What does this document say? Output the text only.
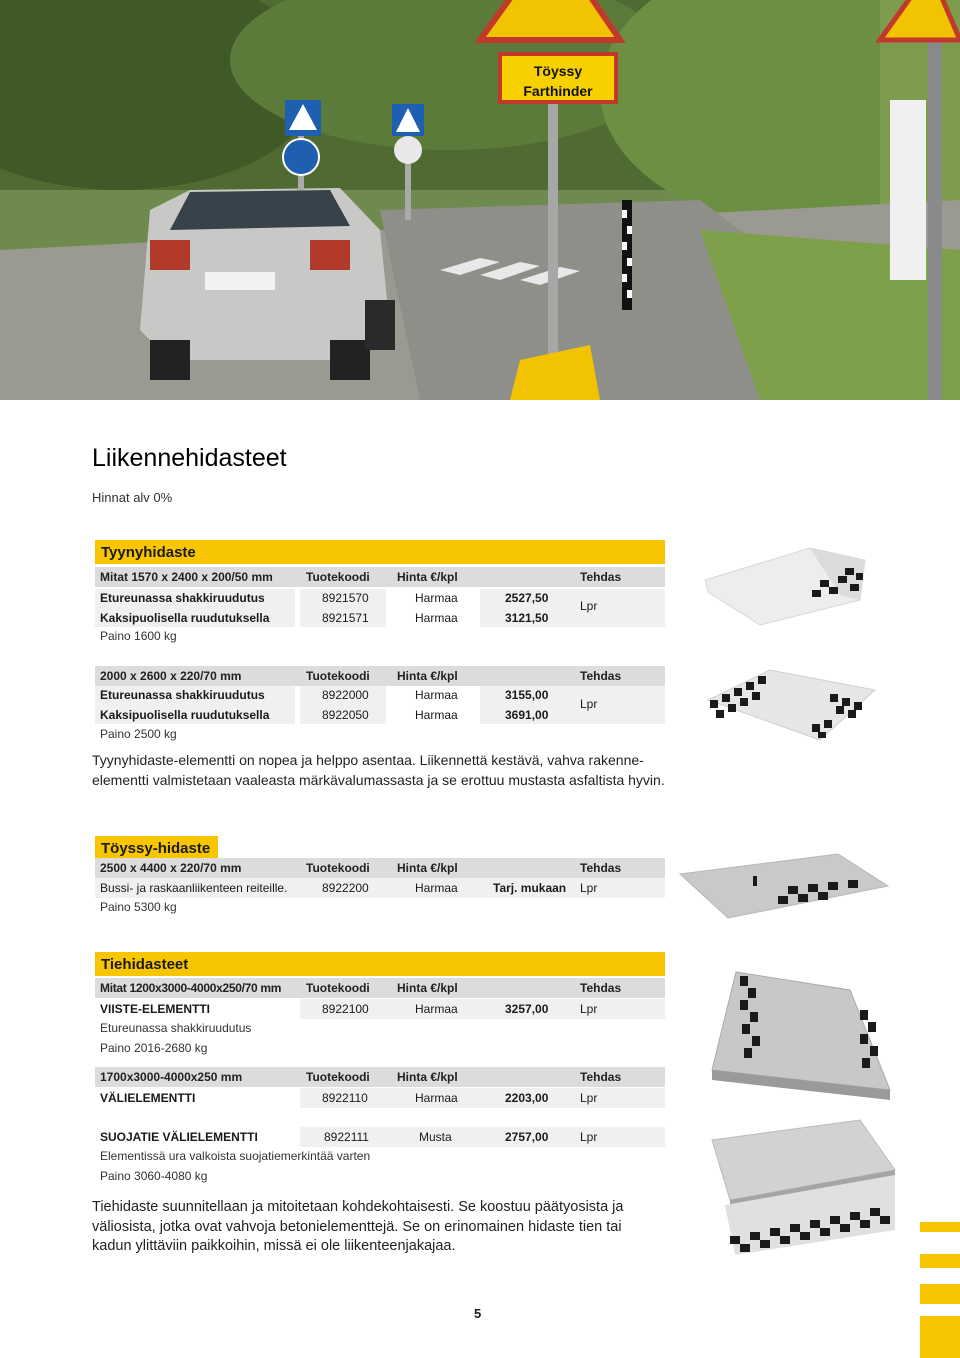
Töyssy
Farthinder
Liikennehidasteet
Hinnat alv 0%
Tyynyhidaste
Mitat 1570 x 2400 x 200/50 mm	Tuotekoodi Hinta €/kpl	Tehdas
Etureunassa shakkiruudutus	8921570	Harmaa	2527,50
Kaksipuolisella ruudutuksella	8921571	Harmaa	3121,50
Lpr
Paino 1600 kg
2000 x 2600 x 220/70 mm	Tuotekoodi Hinta €/kpl	Tehdas
Etureunassa shakkiruudutus	8922000	Harmaa	3155,00
Kaksipuolisella ruudutuksella	8922050	Harmaa	3691,00
Lpr
Paino 2500 kg
Tyynyhidaste-elementti on nopea ja helppo asentaa. Liikennettä kestävä, vahva rakenne-elementti valmistetaan vaaleasta märkävalumassasta ja se erottuu mustasta asfaltista hyvin.
Töyssy-hidaste
2500 x 4400 x 220/70 mm	Tuotekoodi Hinta €/kpl	Tehdas
Bussi- ja raskaanliikenteen reiteille.	8922200	Harmaa	Tarj. mukaan Lpr
Paino 5300 kg
Tiehidasteet
Mitat 1200x3000-4000x250/70 mm Tuotekoodi Hinta €/kpl	Tehdas
VIISTE-ELEMENTTI	8922100	Harmaa	3257,00	Lpr
Etureunassa shakkiruudutus
Paino 2016-2680 kg
1700x3000-4000x250 mm	Tuotekoodi Hinta €/kpl	Tehdas
VÄLIELEMENTTI	8922110	Harmaa	2203,00	Lpr
SUOJATIE VÄLIELEMENTTI	8922111	Musta	2757,00	Lpr
Elementissä ura valkoista suojatiemerkintää varten
Paino 3060-4080 kg
Tiehidaste suunnitellaan ja mitoitetaan kohdekohtaisesti. Se koostuu päätyosista ja väliosista, jotka ovat vahvoja betonielementtejä. Se on erinomainen hidaste tien tai kadun ylittäviin paikkoihin, missä ei ole liikenteenjakajaa.
5
